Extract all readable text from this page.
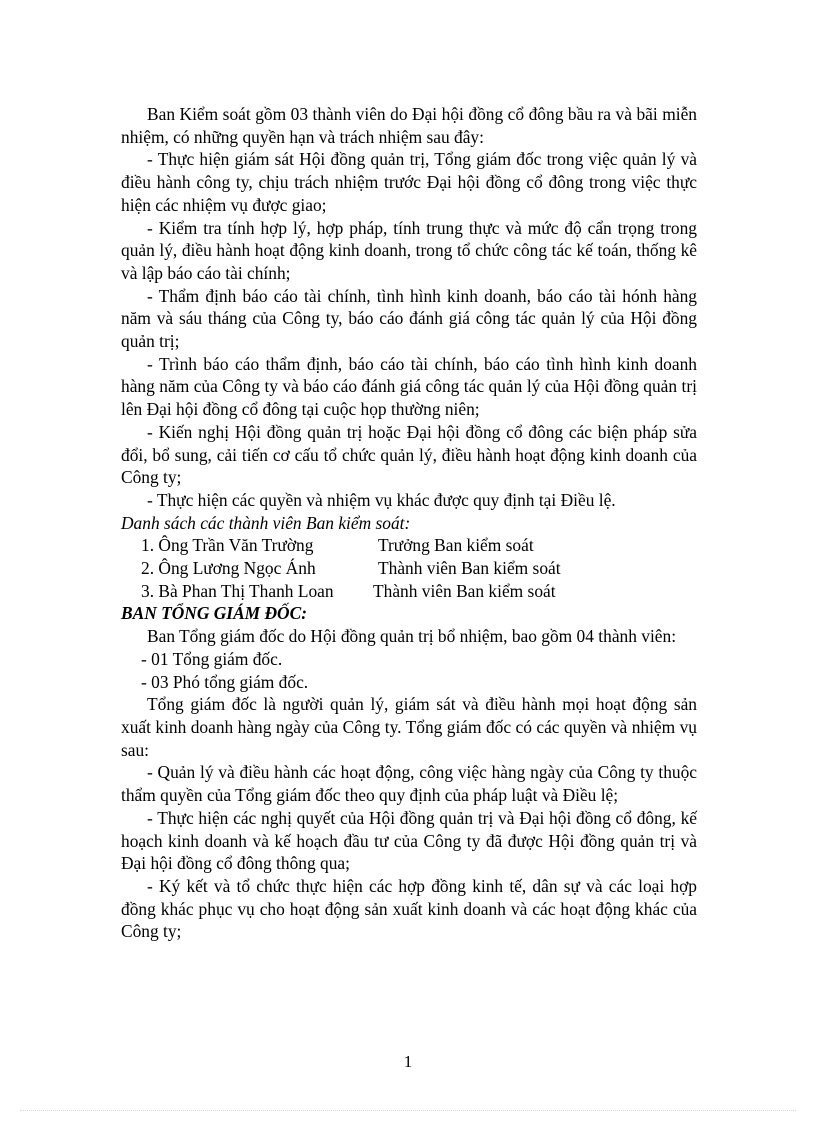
Ban Kiểm soát gồm 03 thành viên do Đại hội đồng cổ đông bầu ra và bãi miễn nhiệm, có những quyền hạn và trách nhiệm sau đây:

- Thực hiện giám sát Hội đồng quản trị, Tổng giám đốc trong việc quản lý và điều hành công ty, chịu trách nhiệm trước Đại hội đồng cổ đông trong việc thực hiện các nhiệm vụ được giao;

- Kiểm tra tính hợp lý, hợp pháp, tính trung thực và mức độ cẩn trọng trong quản lý, điều hành hoạt động kinh doanh, trong tổ chức công tác kế toán, thống kê và lập báo cáo tài chính;

- Thẩm định báo cáo tài chính, tình hình kinh doanh, báo cáo tài hónh hàng năm và sáu tháng của Công ty, báo cáo đánh giá công tác quản lý của Hội đồng quản trị;

- Trình báo cáo thẩm định, báo cáo tài chính, báo cáo tình hình kinh doanh hàng năm của Công ty và báo cáo đánh giá công tác quản lý của Hội đồng quản trị lên Đại hội đồng cổ đông tại cuộc họp thường niên;

- Kiến nghị Hội đồng quản trị hoặc Đại hội đồng cổ đông các biện pháp sửa đổi, bổ sung, cải tiến cơ cấu tổ chức quản lý, điều hành hoạt động kinh doanh của Công ty;

- Thực hiện các quyền và nhiệm vụ khác được quy định tại Điều lệ.

Danh sách các thành viên Ban kiểm soát:

1. Ông Trần Văn Trường	Trưởng Ban kiểm soát
2. Ông Lương Ngọc Ánh	Thành viên Ban kiểm soát
3. Bà Phan Thị Thanh Loan	Thành viên Ban kiểm soát

BAN TỔNG GIÁM ĐỐC:

Ban Tổng giám đốc do Hội đồng quản trị bổ nhiệm, bao gồm 04 thành viên:

- 01 Tổng giám đốc.

- 03 Phó tổng giám đốc.

Tổng giám đốc là người quản lý, giám sát và điều hành mọi hoạt động sản xuất kinh doanh hàng ngày của Công ty. Tổng giám đốc có các quyền và nhiệm vụ sau:

- Quản lý và điều hành các hoạt động, công việc hàng ngày của Công ty thuộc thẩm quyền của Tổng giám đốc theo quy định của pháp luật và Điều lệ;

- Thực hiện các nghị quyết của Hội đồng quản trị và Đại hội đồng cổ đông, kế hoạch kinh doanh và kế hoạch đầu tư của Công ty đã được Hội đồng quản trị và Đại hội đồng cổ đông thông qua;

- Ký kết và tổ chức thực hiện các hợp đồng kinh tế, dân sự và các loại hợp đồng khác phục vụ cho hoạt động sản xuất kinh doanh và các hoạt động khác của Công ty;

1
